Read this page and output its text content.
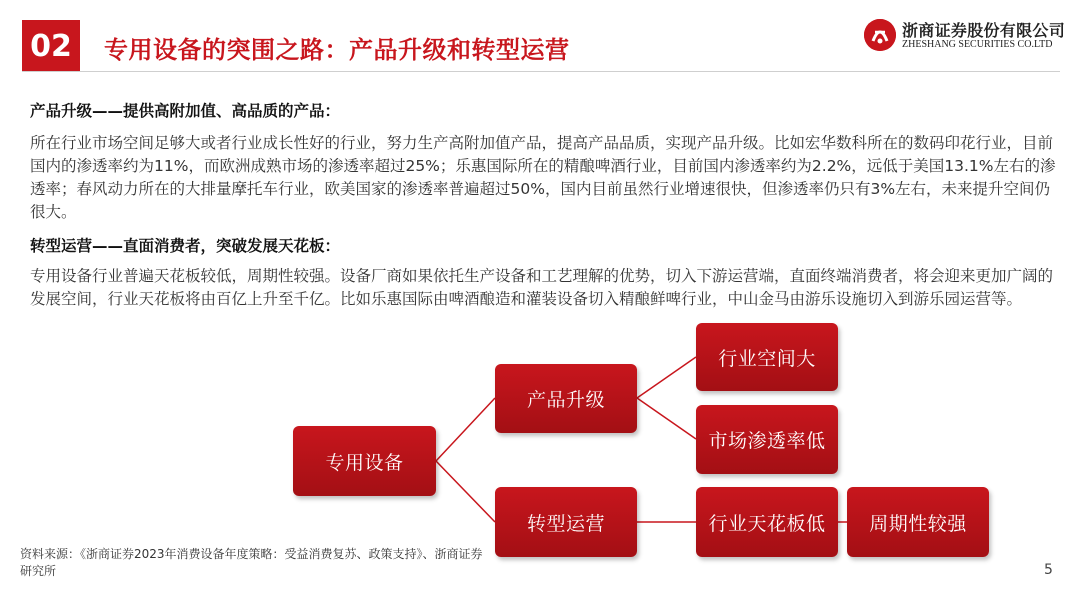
02	专用设备的突围之路：产品升级和转型运营
浙商证券股份有限公司
ZHESHANG SECURITIES CO.LTD
产品升级——提供高附加值、高品质的产品：
所在行业市场空间足够大或者行业成长性好的行业，努力生产高附加值产品，提高产品品质，实现产品升级。比如宏华数科所在的数码印花行业，目前国内的渗透率约为11%，而欧洲成熟市场的渗透率超过25%；乐惠国际所在的精酿啤酒行业，目前国内渗透率约为2.2%，远低于美国13.1%左右的渗透率；春风动力所在的大排量摩托车行业，欧美国家的渗透率普遍超过50%，国内目前虽然行业增速很快，但渗透率仍只有3%左右，未来提升空间仍很大。
转型运营——直面消费者，突破发展天花板：
专用设备行业普遍天花板较低，周期性较强。设备厂商如果依托生产设备和工艺理解的优势，切入下游运营端，直面终端消费者，将会迎来更加广阔的发展空间，行业天花板将由百亿上升至千亿。比如乐惠国际由啤酒酿造和灌装设备切入精酿鲜啤行业，中山金马由游乐设施切入到游乐园运营等。
专用设备
产品升级
转型运营
行业空间大
市场渗透率低
行业天花板低	周期性较强
资料来源：《浙商证券2023年消费设备年度策略：受益消费复苏、政策支持》、浙商证券研究所	5
